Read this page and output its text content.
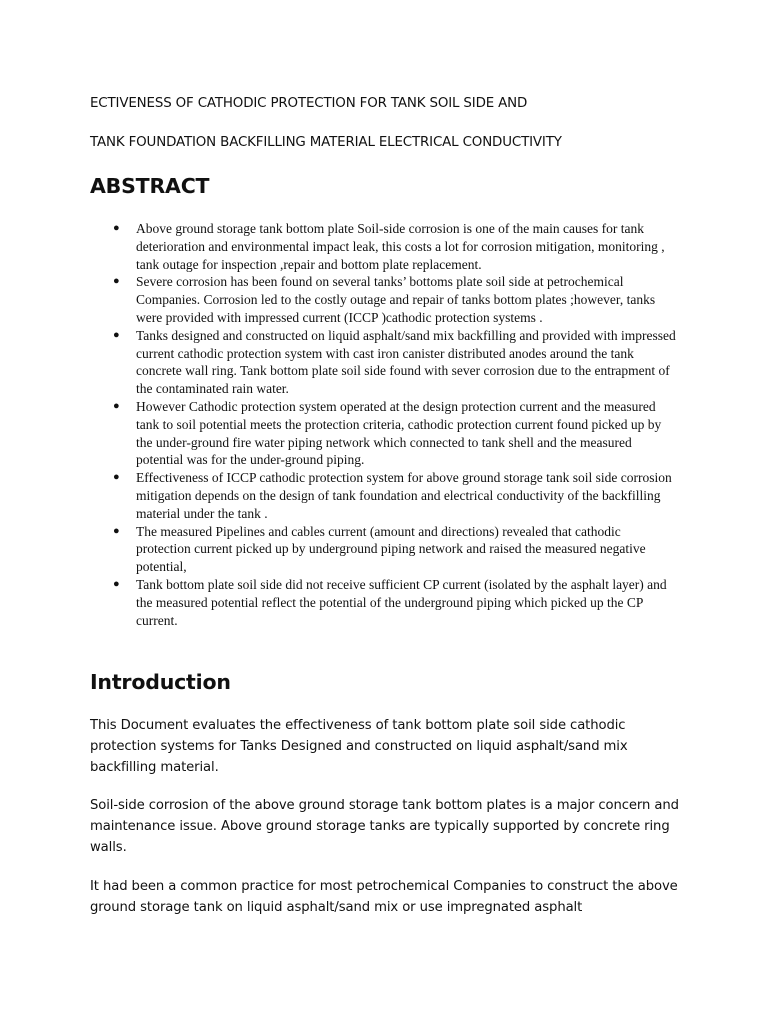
ECTIVENESS OF CATHODIC PROTECTION FOR TANK SOIL SIDE AND
TANK FOUNDATION BACKFILLING MATERIAL ELECTRICAL CONDUCTIVITY
ABSTRACT
● Above ground storage tank bottom plate Soil-side corrosion is one of the main causes for tank deterioration and environmental impact leak, this costs a lot for corrosion mitigation, monitoring , tank outage for inspection ,repair and bottom plate replacement.
● Severe corrosion has been found on several tanks’ bottoms plate soil side at petrochemical Companies. Corrosion led to the costly outage and repair of tanks bottom plates ;however, tanks were provided with impressed current (ICCP )cathodic protection systems .
● Tanks designed and constructed on liquid asphalt/sand mix backfilling and provided with impressed current cathodic protection system with cast iron canister distributed anodes around the tank concrete wall ring. Tank bottom plate soil side found with sever corrosion due to the entrapment of the contaminated rain water.
● However Cathodic protection system operated at the design protection current and the measured tank to soil potential meets the protection criteria, cathodic protection current found picked up by the under-ground fire water piping network which connected to tank shell and the measured potential was for the under-ground piping.
● Effectiveness of ICCP cathodic protection system for above ground storage tank soil side corrosion mitigation depends on the design of tank foundation and electrical conductivity of the backfilling material under the tank .
● The measured Pipelines and cables current (amount and directions) revealed that cathodic protection current picked up by underground piping network and raised the measured negative potential,
● Tank bottom plate soil side did not receive sufficient CP current (isolated by the asphalt layer) and the measured potential reflect the potential of the underground piping which picked up the CP current.
Introduction

This Document evaluates the effectiveness of tank bottom plate soil side cathodic protection systems for Tanks Designed and constructed on liquid asphalt/sand mix backfilling material.

Soil-side corrosion of the above ground storage tank bottom plates is a major concern and maintenance issue. Above ground storage tanks are typically supported by concrete ring walls.

It had been a common practice for most petrochemical Companies to construct the above ground storage tank on liquid asphalt/sand mix or use impregnated asphalt
